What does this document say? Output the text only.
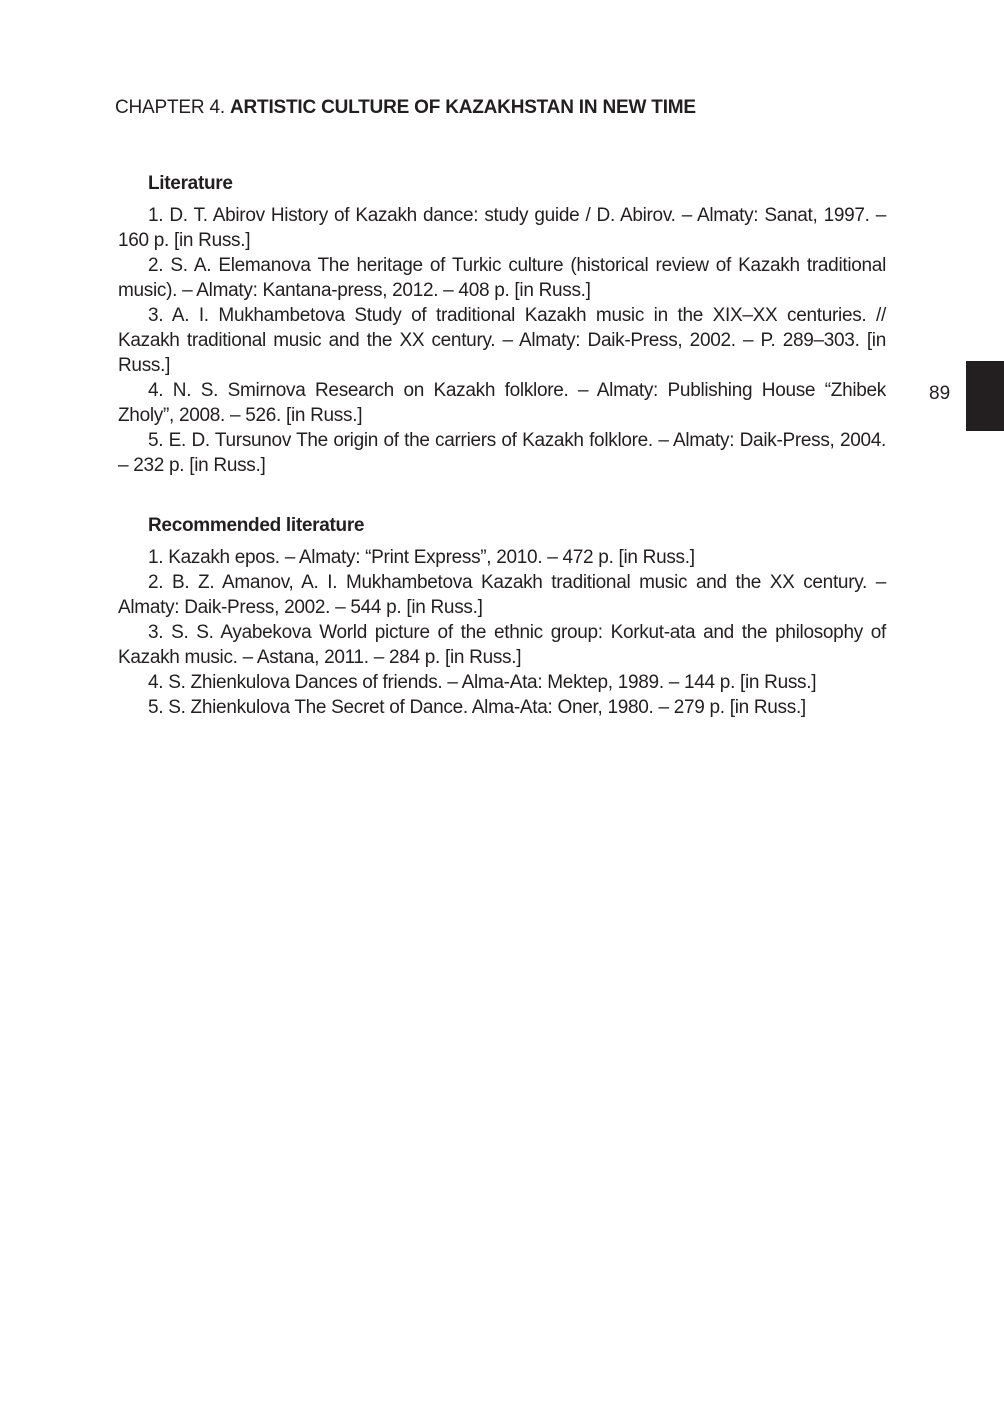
CHAPTER 4. ARTISTIC CULTURE OF KAZAKHSTAN IN NEW TIME
89
Literature
1. D. T. Abirov History of Kazakh dance: study guide / D. Abirov. – Almaty: Sanat, 1997. – 160 p. [in Russ.]
2. S. A. Elemanova The heritage of Turkic culture (historical review of Kazakh traditional music). – Almaty: Kantana-press, 2012. – 408 p. [in Russ.]
3. A. I. Mukhambetova Study of traditional Kazakh music in the XIX–XX centuries. // Kazakh traditional music and the XX century. – Almaty: Daik-Press, 2002. – P. 289–303. [in Russ.]
4. N. S. Smirnova Research on Kazakh folklore. – Almaty: Publishing House “Zhibek Zholy”, 2008. – 526. [in Russ.]
5. E. D. Tursunov The origin of the carriers of Kazakh folklore. – Almaty: Daik-Press, 2004. – 232 p. [in Russ.]
Recommended literature
1. Kazakh epos. – Almaty: “Print Express”, 2010. – 472 p. [in Russ.]
2. B. Z. Amanov, A. I. Mukhambetova Kazakh traditional music and the XX century. – Almaty: Daik-Press, 2002. – 544 p. [in Russ.]
3. S. S. Ayabekova World picture of the ethnic group: Korkut-ata and the philosophy of Kazakh music. – Astana, 2011. – 284 p. [in Russ.]
4. S. Zhienkulova Dances of friends. – Alma-Ata: Mektep, 1989. – 144 p. [in Russ.]
5. S. Zhienkulova The Secret of Dance. Alma-Ata: Oner, 1980. – 279 p. [in Russ.]
